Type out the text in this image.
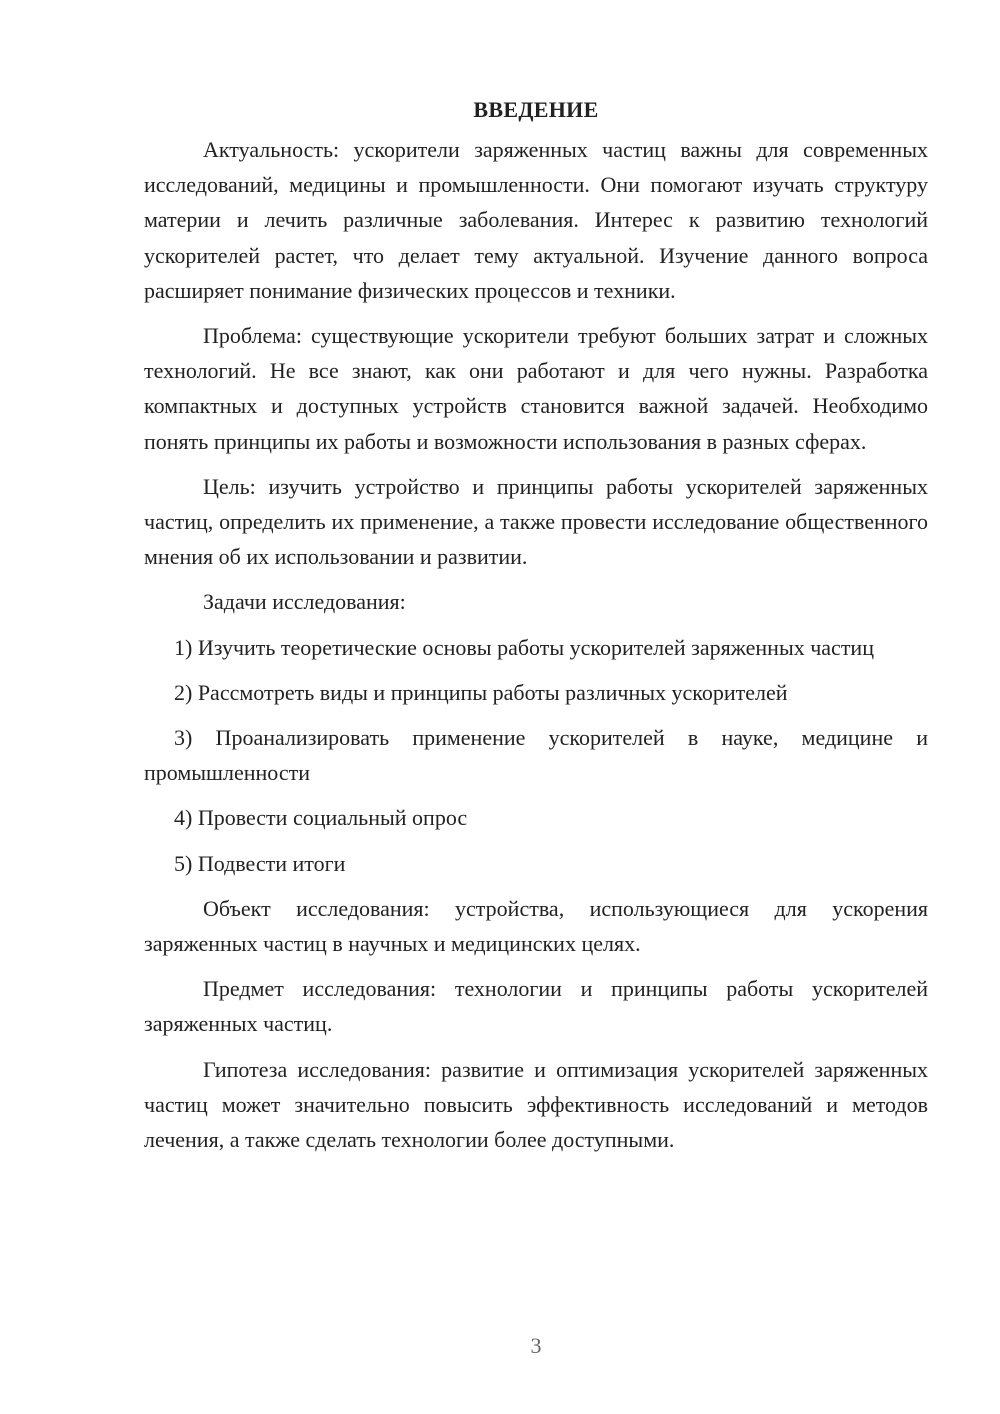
ВВЕДЕНИЕ

Актуальность: ускорители заряженных частиц важны для современных исследований, медицины и промышленности. Они помогают изучать структуру материи и лечить различные заболевания. Интерес к развитию технологий ускорителей растет, что делает тему актуальной. Изучение данного вопроса расширяет понимание физических процессов и техники.

Проблема: существующие ускорители требуют больших затрат и сложных технологий. Не все знают, как они работают и для чего нужны. Разработка компактных и доступных устройств становится важной задачей. Необходимо понять принципы их работы и возможности использования в разных сферах.

Цель: изучить устройство и принципы работы ускорителей заряженных частиц, определить их применение, а также провести исследование общественного мнения об их использовании и развитии.

Задачи исследования:

1) Изучить теоретические основы работы ускорителей заряженных частиц

2) Рассмотреть виды и принципы работы различных ускорителей

3) Проанализировать применение ускорителей в науке, медицине и промышленности

4) Провести социальный опрос

5) Подвести итоги

Объект исследования: устройства, использующиеся для ускорения заряженных частиц в научных и медицинских целях.

Предмет исследования: технологии и принципы работы ускорителей заряженных частиц.

Гипотеза исследования: развитие и оптимизация ускорителей заряженных частиц может значительно повысить эффективность исследований и методов лечения, а также сделать технологии более доступными.

3
